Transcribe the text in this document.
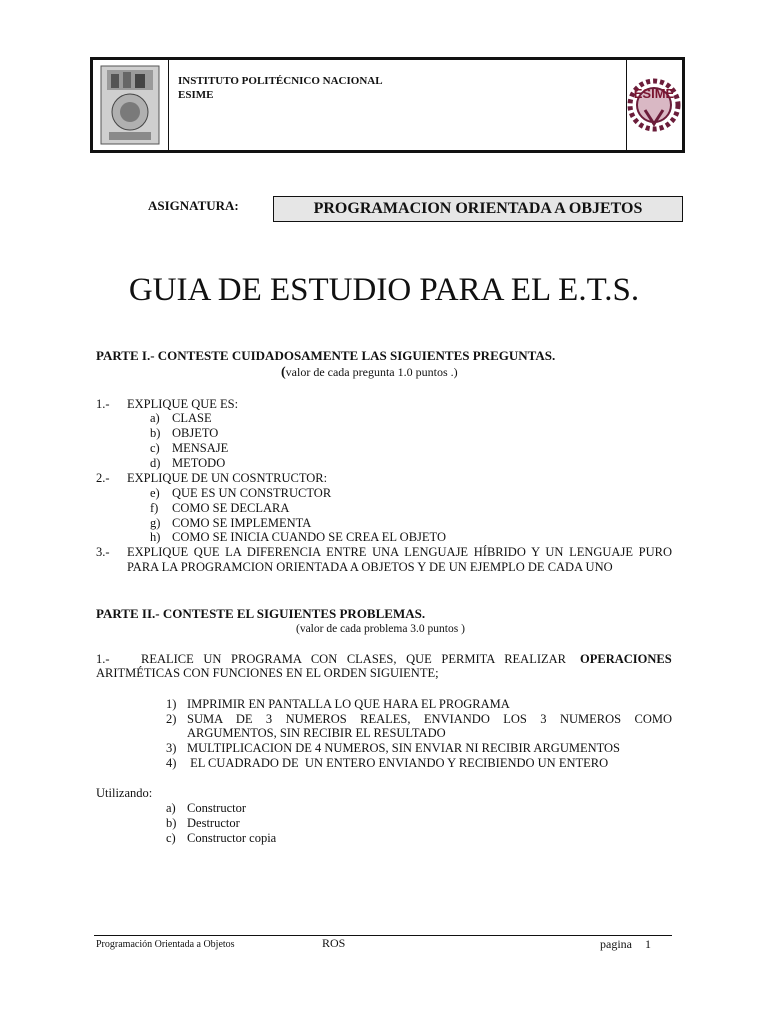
INSTITUTO POLITÉCNICO NACIONAL
ESIME	ESIME
ASIGNATURA:	PROGRAMACION ORIENTADA A OBJETOS
GUIA DE ESTUDIO PARA EL E.T.S.
PARTE I.- CONTESTE CUIDADOSAMENTE LAS SIGUIENTES PREGUNTAS.
(valor de cada pregunta 1.0 puntos .)
1.- EXPLIQUE QUE ES:
a) CLASE
b) OBJETO
c) MENSAJE
d) METODO
2.- EXPLIQUE DE UN COSNTRUCTOR:
e) QUE ES UN CONSTRUCTOR
f) COMO SE DECLARA
g) COMO SE IMPLEMENTA
h) COMO SE INICIA CUANDO SE CREA EL OBJETO
3.- EXPLIQUE QUE LA DIFERENCIA ENTRE UNA LENGUAJE HÍBRIDO Y UN LENGUAJE PURO
PARA LA PROGRAMCION ORIENTADA A OBJETOS Y DE UN EJEMPLO DE CADA UNO
PARTE II.- CONTESTE EL SIGUIENTES PROBLEMAS.
(valor de cada problema 3.0 puntos )
1.-	REALICE UN PROGRAMA CON CLASES, QUE PERMITA REALIZAR OPERACIONES
ARITMÉTICAS CON FUNCIONES EN EL ORDEN SIGUIENTE;
1) IMPRIMIR EN PANTALLA LO QUE HARA EL PROGRAMA
2) SUMA DE 3 NUMEROS REALES, ENVIANDO LOS 3 NUMEROS COMO
ARGUMENTOS, SIN RECIBIR EL RESULTADO
3) MULTIPLICACION DE 4 NUMEROS, SIN ENVIAR NI RECIBIR ARGUMENTOS
4) EL CUADRADO DE  UN ENTERO ENVIANDO Y RECIBIENDO UN ENTERO
Utilizando:
a) Constructor
b) Destructor
c) Constructor copia
Programación Orientada a Objetos	ROS	pagina 1
